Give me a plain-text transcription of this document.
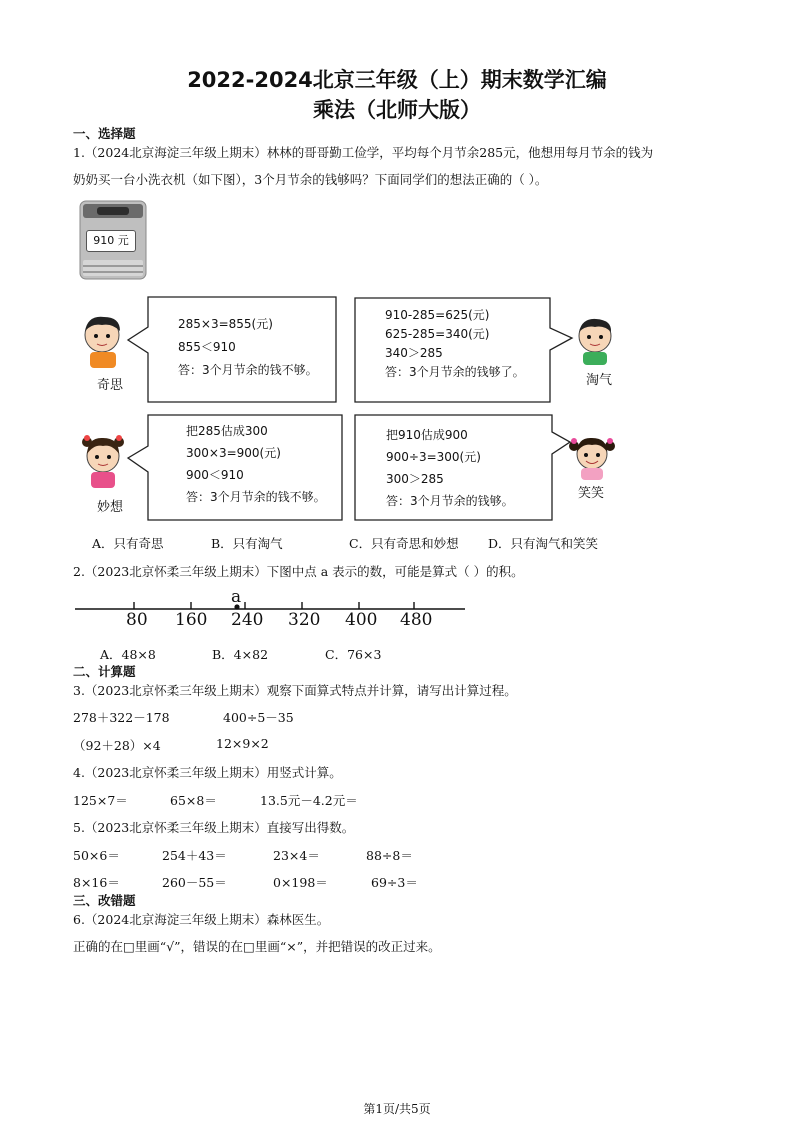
2022-2024北京三年级（上）期末数学汇编
乘法（北师大版）
一、选择题
1.（2024北京海淀三年级上期末）林林的哥哥勤工俭学，平均每个月节余285元，他想用每月节余的钱为
奶奶买一台小洗衣机（如下图），3个月节余的钱够吗？下面同学们的想法正确的（ ）。
910 元
285×3=855(元)
855＜910
答：3个月节余的钱不够。
910-285=625(元)
625-285=340(元)
340＞285
答：3个月节余的钱够了。
把285估成300
300×3=900(元)
900＜910
答：3个月节余的钱不够。
把910估成900
900÷3=300(元)
300＞285
答：3个月节余的钱够。
奇思	淘气
妙想
笑笑
A．只有奇思	B．只有淘气	C．只有奇思和妙想 D．只有淘气和笑笑
2.（2023北京怀柔三年级上期末）下图中点 a 表示的数，可能是算式（ ）的积。
a
80 160 240 320 400 480
A．48×8	B．4×82	C．76×3
二、计算题
3.（2023北京怀柔三年级上期末）观察下面算式特点并计算，请写出计算过程。
278＋322－178	400÷5－35
（92＋28）×4	12×9×2
4.（2023北京怀柔三年级上期末）用竖式计算。
125×7＝	65×8＝	13.5元－4.2元＝
5.（2023北京怀柔三年级上期末）直接写出得数。
50×6＝	254＋43＝	23×4＝	88÷8＝
8×16＝	260－55＝	0×198＝	69÷3＝
三、改错题
6.（2024北京海淀三年级上期末）森林医生。
正确的在□里画“√”，错误的在□里画“×”，并把错误的改正过来。
第1页/共5页
